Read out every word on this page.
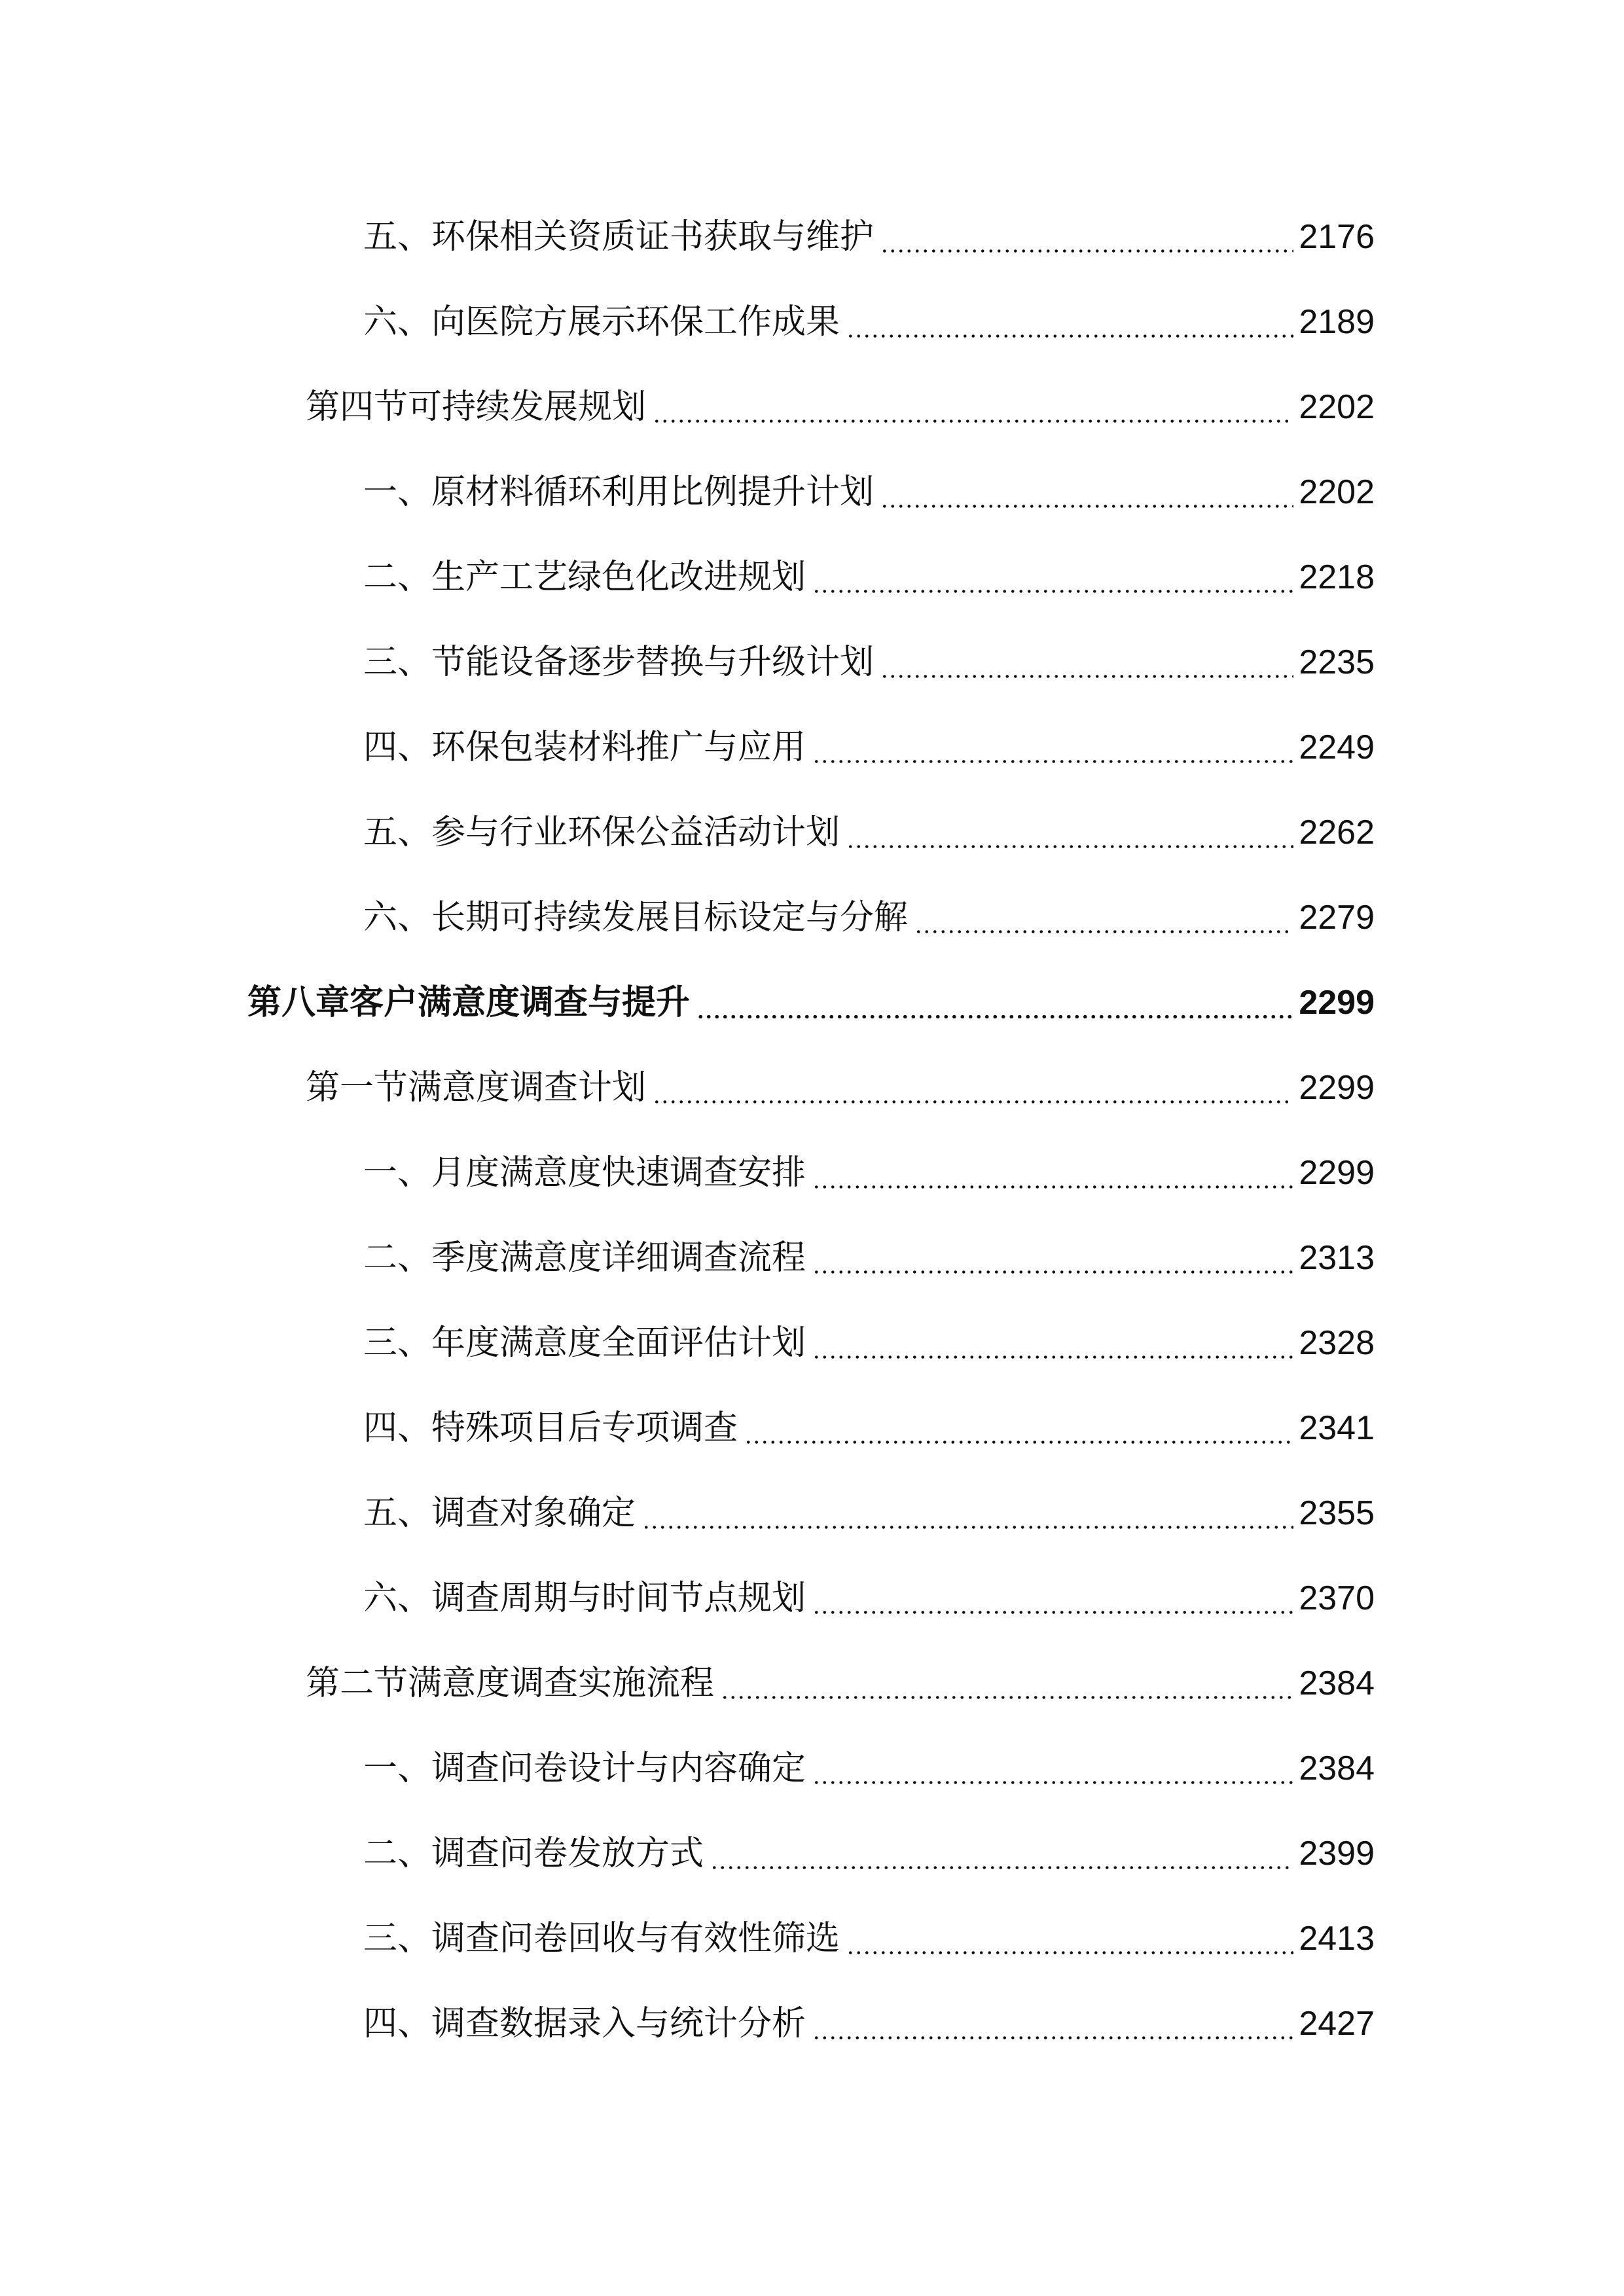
五、环保相关资质证书获取与维护	2176
六、向医院方展示环保工作成果	2189
第四节可持续发展规划	2202
一、原材料循环利用比例提升计划	2202
二、生产工艺绿色化改进规划	2218
三、节能设备逐步替换与升级计划	2235
四、环保包装材料推广与应用	2249
五、参与行业环保公益活动计划	2262
六、长期可持续发展目标设定与分解	2279
第八章客户满意度调查与提升	2299
第一节满意度调查计划	2299
一、月度满意度快速调查安排	2299
二、季度满意度详细调查流程	2313
三、年度满意度全面评估计划	2328
四、特殊项目后专项调查	2341
五、调查对象确定	2355
六、调查周期与时间节点规划	2370
第二节满意度调查实施流程	2384
一、调查问卷设计与内容确定	2384
二、调查问卷发放方式	2399
三、调查问卷回收与有效性筛选	2413
四、调查数据录入与统计分析	2427
